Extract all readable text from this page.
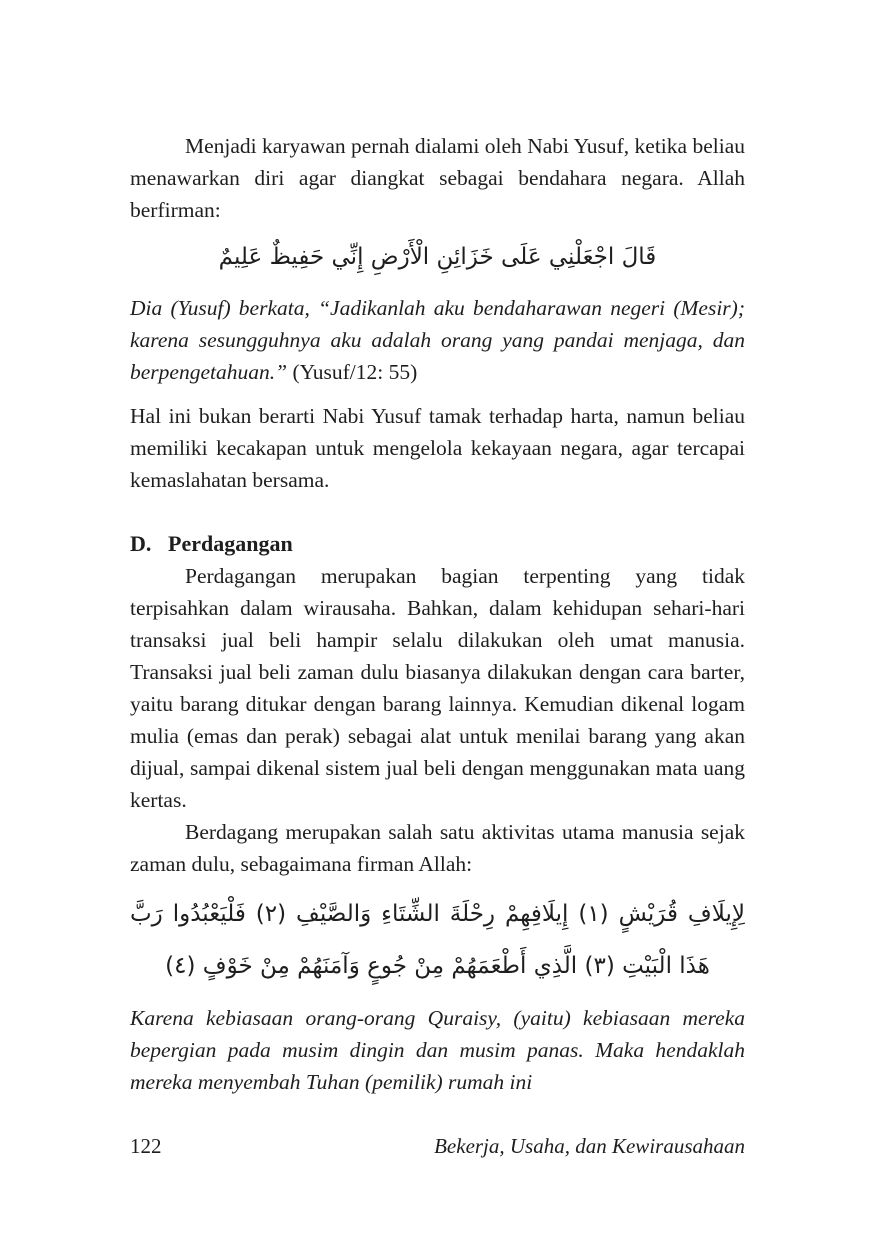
Menjadi karyawan pernah dialami oleh Nabi Yusuf, ketika beliau menawarkan diri agar diangkat sebagai bendahara negara. Allah berfirman:

قَالَ اجْعَلْنِي عَلَى خَزَائِنِ الْأَرْضِ إِنِّي حَفِيظٌ عَلِيمٌ

Dia (Yusuf) berkata, “Jadikanlah aku bendaharawan negeri (Mesir); karena sesungguhnya aku adalah orang yang pandai menjaga, dan berpengetahuan.” (Yusuf/12: 55)

Hal ini bukan berarti Nabi Yusuf tamak terhadap harta, namun beliau memiliki kecakapan untuk mengelola kekayaan negara, agar tercapai kemaslahatan bersama.

D. Perdagangan

Perdagangan merupakan bagian terpenting yang tidak terpisahkan dalam wirausaha. Bahkan, dalam kehidupan sehari-hari transaksi jual beli hampir selalu dilakukan oleh umat manusia. Transaksi jual beli zaman dulu biasanya dilakukan dengan cara barter, yaitu barang ditukar dengan barang lainnya. Kemudian dikenal logam mulia (emas dan perak) sebagai alat untuk menilai barang yang akan dijual, sampai dikenal sistem jual beli dengan menggunakan mata uang kertas.

Berdagang merupakan salah satu aktivitas utama manusia sejak zaman dulu, sebagaimana firman Allah:

لِإِيلَافِ قُرَيْشٍ (١) إِيلَافِهِمْ رِحْلَةَ الشِّتَاءِ وَالصَّيْفِ (٢) فَلْيَعْبُدُوا رَبَّ هَذَا الْبَيْتِ (٣) الَّذِي أَطْعَمَهُمْ مِنْ جُوعٍ وَآمَنَهُمْ مِنْ خَوْفٍ (٤)

Karena kebiasaan orang-orang Quraisy, (yaitu) kebiasaan mereka bepergian pada musim dingin dan musim panas. Maka hendaklah mereka menyembah Tuhan (pemilik) rumah ini

122	Bekerja, Usaha, dan Kewirausahaan
